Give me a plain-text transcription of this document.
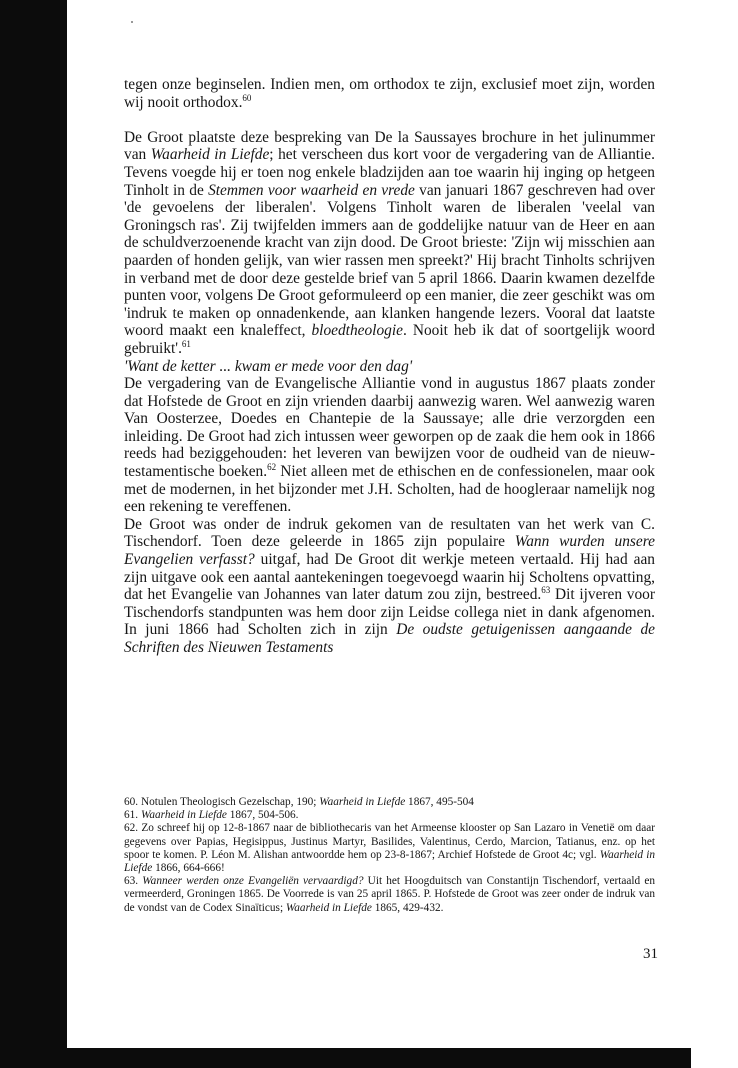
tegen onze beginselen. Indien men, om orthodox te zijn, exclusief moet zijn, worden wij nooit orthodox.$^{60}$

De Groot plaatste deze bespreking van De la Saussayes brochure in het julinummer van Waarheid in Liefde; het verscheen dus kort voor de vergadering van de Alliantie. Tevens voegde hij er toen nog enkele bladzijden aan toe waarin hij inging op hetgeen Tinholt in de Stemmen voor waarheid en vrede van januari 1867 geschreven had over 'de gevoelens der liberalen'. Volgens Tinholt waren de liberalen 'veelal van Groningsch ras'. Zij twijfelden immers aan de goddelijke natuur van de Heer en aan de schuldverzoenende kracht van zijn dood. De Groot brieste: 'Zijn wij misschien aan paarden of honden gelijk, van wier rassen men spreekt?' Hij bracht Tinholts schrijven in verband met de door deze gestelde brief van 5 april 1866. Daarin kwamen dezelfde punten voor, volgens De Groot geformuleerd op een manier, die zeer geschikt was om 'indruk te maken op onnadenkende, aan klanken hangende lezers. Vooral dat laatste woord maakt een knaleffect, bloedtheologie. Nooit heb ik dat of soortgelijk woord gebruikt'.$^{61}$

'Want de ketter ... kwam er mede voor den dag'

De vergadering van de Evangelische Alliantie vond in augustus 1867 plaats zonder dat Hofstede de Groot en zijn vrienden daarbij aanwezig waren. Wel aanwezig waren Van Oosterzee, Doedes en Chantepie de la Saussaye; alle drie verzorgden een inleiding. De Groot had zich intussen weer geworpen op de zaak die hem ook in 1866 reeds had beziggehouden: het leveren van bewijzen voor de oudheid van de nieuw-testamentische boeken.$^{62}$ Niet alleen met de ethischen en de confessionelen, maar ook met de modernen, in het bijzonder met J.H. Scholten, had de hoogleraar namelijk nog een rekening te vereffenen.

De Groot was onder de indruk gekomen van de resultaten van het werk van C. Tischendorf. Toen deze geleerde in 1865 zijn populaire Wann wurden unsere Evangelien verfasst? uitgaf, had De Groot dit werkje meteen vertaald. Hij had aan zijn uitgave ook een aantal aantekeningen toegevoegd waarin hij Scholtens opvatting, dat het Evangelie van Johannes van later datum zou zijn, bestreed.$^{63}$ Dit ijveren voor Tischendorfs standpunten was hem door zijn Leidse collega niet in dank afgenomen. In juni 1866 had Scholten zich in zijn De oudste getuigenissen aangaande de Schriften des Nieuwen Testaments

60. Notulen Theologisch Gezelschap, 190; Waarheid in Liefde 1867, 495-504

61. Waarheid in Liefde 1867, 504-506.

62. Zo schreef hij op 12-8-1867 naar de bibliothecaris van het Armeense klooster op San Lazaro in Venetië om daar gegevens over Papias, Hegisippus, Justinus Martyr, Basilides, Valentinus, Cerdo, Marcion, Tatianus, enz. op het spoor te komen. P. Léon M. Alishan antwoordde hem op 23-8-1867; Archief Hofstede de Groot 4c; vgl. Waarheid in Liefde 1866, 664-666!

63. Wanneer werden onze Evangeliën vervaardigd? Uit het Hoogduitsch van Constantijn Tischendorf, vertaald en vermeerderd, Groningen 1865. De Voorrede is van 25 april 1865. P. Hofstede de Groot was zeer onder de indruk van de vondst van de Codex Sinaïticus; Waarheid in Liefde 1865, 429-432.

31
